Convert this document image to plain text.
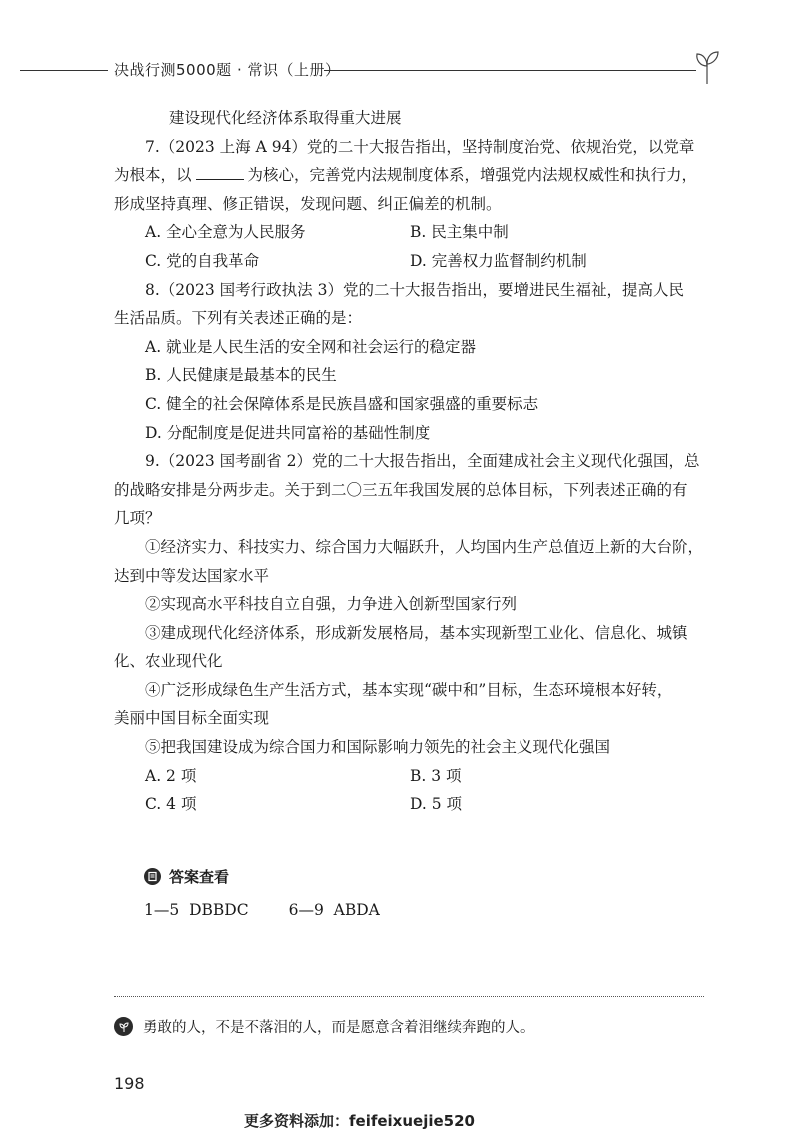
决战行测5000题 · 常识（上册）
建设现代化经济体系取得重大进展
7.（2023 上海 A 94）党的二十大报告指出，坚持制度治党、依规治党，以党章
为根本，以	为核心，完善党内法规制度体系，增强党内法规权威性和执行力，
形成坚持真理、修正错误，发现问题、纠正偏差的机制。
A. 全心全意为人民服务	B. 民主集中制
C. 党的自我革命	D. 完善权力监督制约机制
8.（2023 国考行政执法 3）党的二十大报告指出，要增进民生福祉，提高人民
生活品质。下列有关表述正确的是：
A. 就业是人民生活的安全网和社会运行的稳定器
B. 人民健康是最基本的民生
C. 健全的社会保障体系是民族昌盛和国家强盛的重要标志
D. 分配制度是促进共同富裕的基础性制度
9.（2023 国考副省 2）党的二十大报告指出，全面建成社会主义现代化强国，总
的战略安排是分两步走。关于到二〇三五年我国发展的总体目标，下列表述正确的有
几项？
①经济实力、科技实力、综合国力大幅跃升，人均国内生产总值迈上新的大台阶，
达到中等发达国家水平
②实现高水平科技自立自强，力争进入创新型国家行列
③建成现代化经济体系，形成新发展格局，基本实现新型工业化、信息化、城镇
化、农业现代化
④广泛形成绿色生产生活方式，基本实现“碳中和”目标，生态环境根本好转，
美丽中国目标全面实现
⑤把我国建设成为综合国力和国际影响力领先的社会主义现代化强国
A. 2 项	B. 3 项
C. 4 项	D. 5 项
答案查看
1—5  DBBDC	6—9  ABDA
勇敢的人，不是不落泪的人，而是愿意含着泪继续奔跑的人。
198
更多资料添加：feifeixuejie520
